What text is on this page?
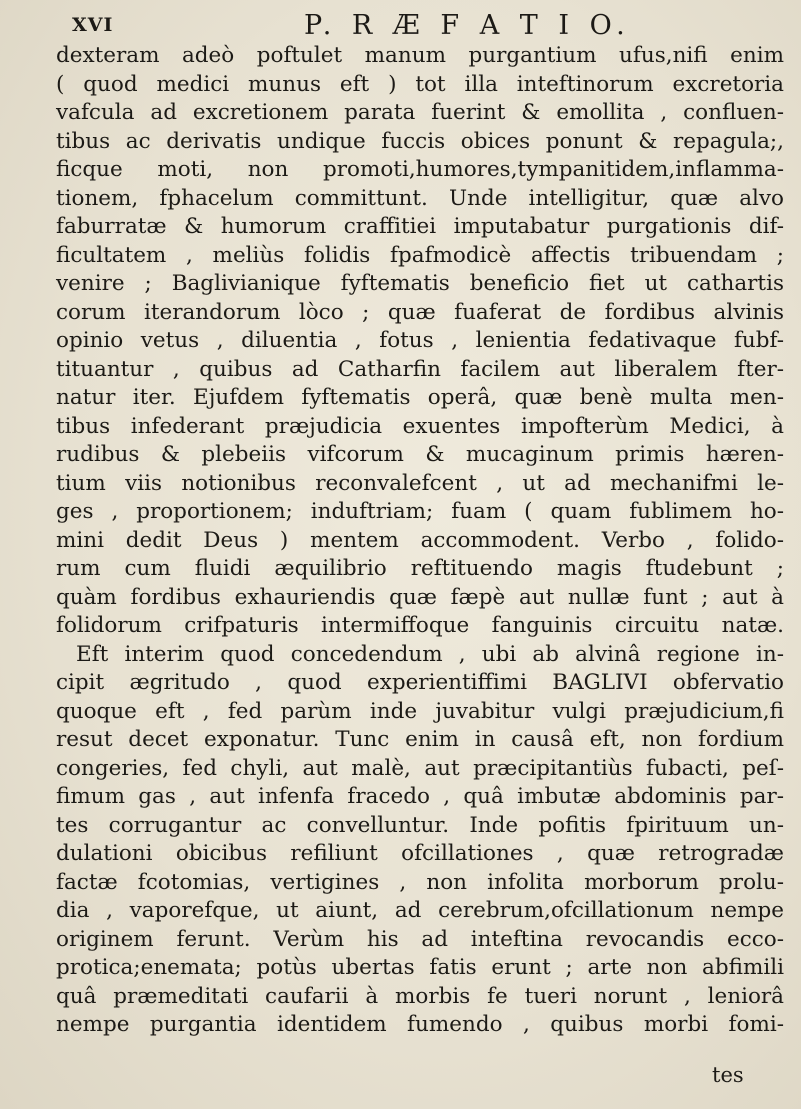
XVI	P. R Æ F A T I O.
dexteram adeò poftulet manum purgantium ufus,nifi enim
( quod medici munus eft ) tot illa inteftinorum excretoria
vafcula ad excretionem parata fuerint & emollita , confluen-
tibus ac derivatis undique fuccis obices ponunt & repagula;,
ficque moti, non promoti,humores,tympanitidem,inflamma-
tionem, fphacelum committunt. Unde intelligitur, quæ alvo
faburratæ & humorum craffitiei imputabatur purgationis dif-
ficultatem , meliùs folidis fpafmodicè affectis tribuendam ;
venire ; Baglivianique fyftematis beneficio fiet ut cathartis
corum iterandorum lòco ; quæ fuaferat de fordibus alvinis
opinio vetus , diluentia , fotus , lenientia fedativaque fubf-
tituantur , quibus ad Catharfin facilem aut liberalem fter-
natur iter. Ejufdem fyftematis operâ, quæ benè multa men-
tibus infederant præjudicia exuentes impofterùm Medici, à
rudibus & plebeiis vifcorum & mucaginum primis hæren-
tium viis notionibus reconvalefcent , ut ad mechanifmi le-
ges , proportionem; induftriam; fuam ( quam fublimem ho-
mini dedit Deus ) mentem accommodent. Verbo , folido-
rum cum fluidi æquilibrio reftituendo magis ftudebunt ;
quàm fordibus exhauriendis quæ fæpè aut nullæ funt ; aut à
folidorum crifpaturis intermiffoque fanguinis circuitu natæ.
Eft interim quod concedendum , ubi ab alvinâ regione in-
cipit ægritudo , quod experientiffimi BAGLIVI obfervatio
quoque eft , fed parùm inde juvabitur vulgi præjudicium,fi
resut decet exponatur. Tunc enim in causâ eft, non fordium
congeries, fed chyli, aut malè, aut præcipitantiùs fubacti, peſ-
fimum gas , aut infenfa fracedo , quâ imbutæ abdominis par-
tes corrugantur ac convelluntur. Inde pofitis fpirituum un-
dulationi obicibus refiliunt ofcillationes , quæ retrogradæ
factæ fcotomias, vertigines , non infolita morborum prolu-
dia , vaporefque, ut aiunt, ad cerebrum,ofcillationum nempe
originem ferunt. Verùm his ad inteftina revocandis ecco-
protica;enemata; potùs ubertas fatis erunt ; arte non abfimili
quâ præmeditati caufarii à morbis fe tueri norunt , leniorâ
nempe purgantia identidem fumendo , quibus morbi fomi-
tes
